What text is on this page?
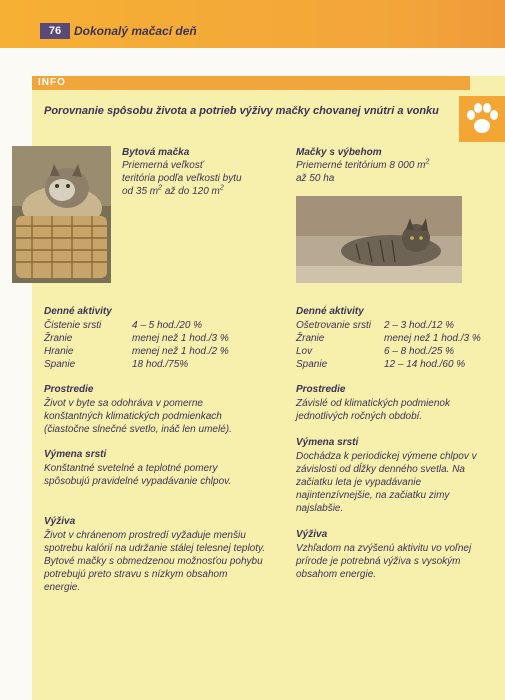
76	Dokonalý mačací deň
INFO
Porovnanie spôsobu života a potrieb výživy mačky chovanej vnútri a vonku
Bytová mačka
Priemerná veľkosť
teritória podľa veľkosti bytu
od 35 $m^2$ až do 120 $m^2$
Mačky s výbehom
Priemerné teritórium 8 000 $m^2$
až 50 ha
Denné aktivity
Čistenie srsti	4 – 5 hod./20 %
Žranie	menej než 1 hod./3 %
Hranie	menej než 1 hod./2 %
Spanie	18 hod./75%
Denné aktivity
Ošetrovanie srsti	2 – 3 hod./12 %
Žranie	menej než 1 hod./3 %
Lov	6 – 8 hod./25 %
Spanie	12 – 14 hod./60 %
Prostredie
Život v byte sa odohráva v pomerne konštantných klimatických podmienkach (čiastočne slnečné svetlo, ináč len umelé).
Prostredie
Závislé od klimatických podmienok jednotlivých ročných období.
Výmena srsti
Konštantné svetelné a teplotné pomery spôsobujú pravidelné vypadávanie chlpov.
Výmena srsti
Dochádza k periodickej výmene chlpov v závislosti od dĺžky denného svetla. Na začiatku leta je vypadávanie najintenzívnejšie, na začiatku zimy najslabšie.
Výživa
Život v chránenom prostredí vyžaduje menšiu spotrebu kalórií na udržanie stálej telesnej teploty. Bytové mačky s obmedzenou možnosťou pohybu potrebujú preto stravu s nízkym obsahom energie.
Výživa
Vzhľadom na zvýšenú aktivitu vo voľnej prírode je potrebná výživa s vysokým obsahom energie.
